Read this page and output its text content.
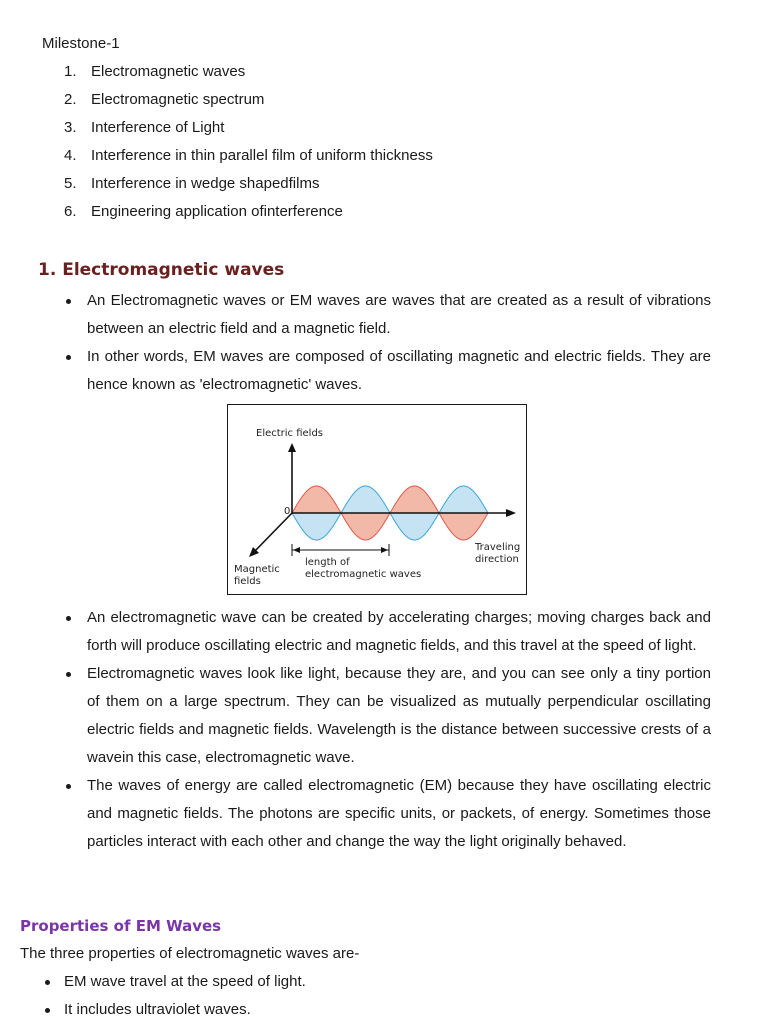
Milestone-1
1. Electromagnetic waves
2. Electromagnetic spectrum
3. Interference of Light
4. Interference in thin parallel film of uniform thickness
5. Interference in wedge shapedfilms
6. Engineering application ofinterference
1. Electromagnetic waves
An Electromagnetic waves or EM waves are waves that are created as a result of vibrations between an electric field and a magnetic field.
In other words, EM waves are composed of oscillating magnetic and electric fields. They are hence known as 'electromagnetic' waves.
Electric fields
0
Magnetic
fields
length of
electromagnetic waves
Traveling
direction
An electromagnetic wave can be created by accelerating charges; moving charges back and forth will produce oscillating electric and magnetic fields, and this travel at the speed of light.
Electromagnetic waves look like light, because they are, and you can see only a tiny portion of them on a large spectrum. They can be visualized as mutually perpendicular oscillating electric fields and magnetic fields. Wavelength is the distance between successive crests of a wavein this case, electromagnetic wave.
The waves of energy are called electromagnetic (EM) because they have oscillating electric and magnetic fields. The photons are specific units, or packets, of energy. Sometimes those particles interact with each other and change the way the light originally behaved.
Properties of EM Waves
The three properties of electromagnetic waves are-
EM wave travel at the speed of light.
It includes ultraviolet waves.
